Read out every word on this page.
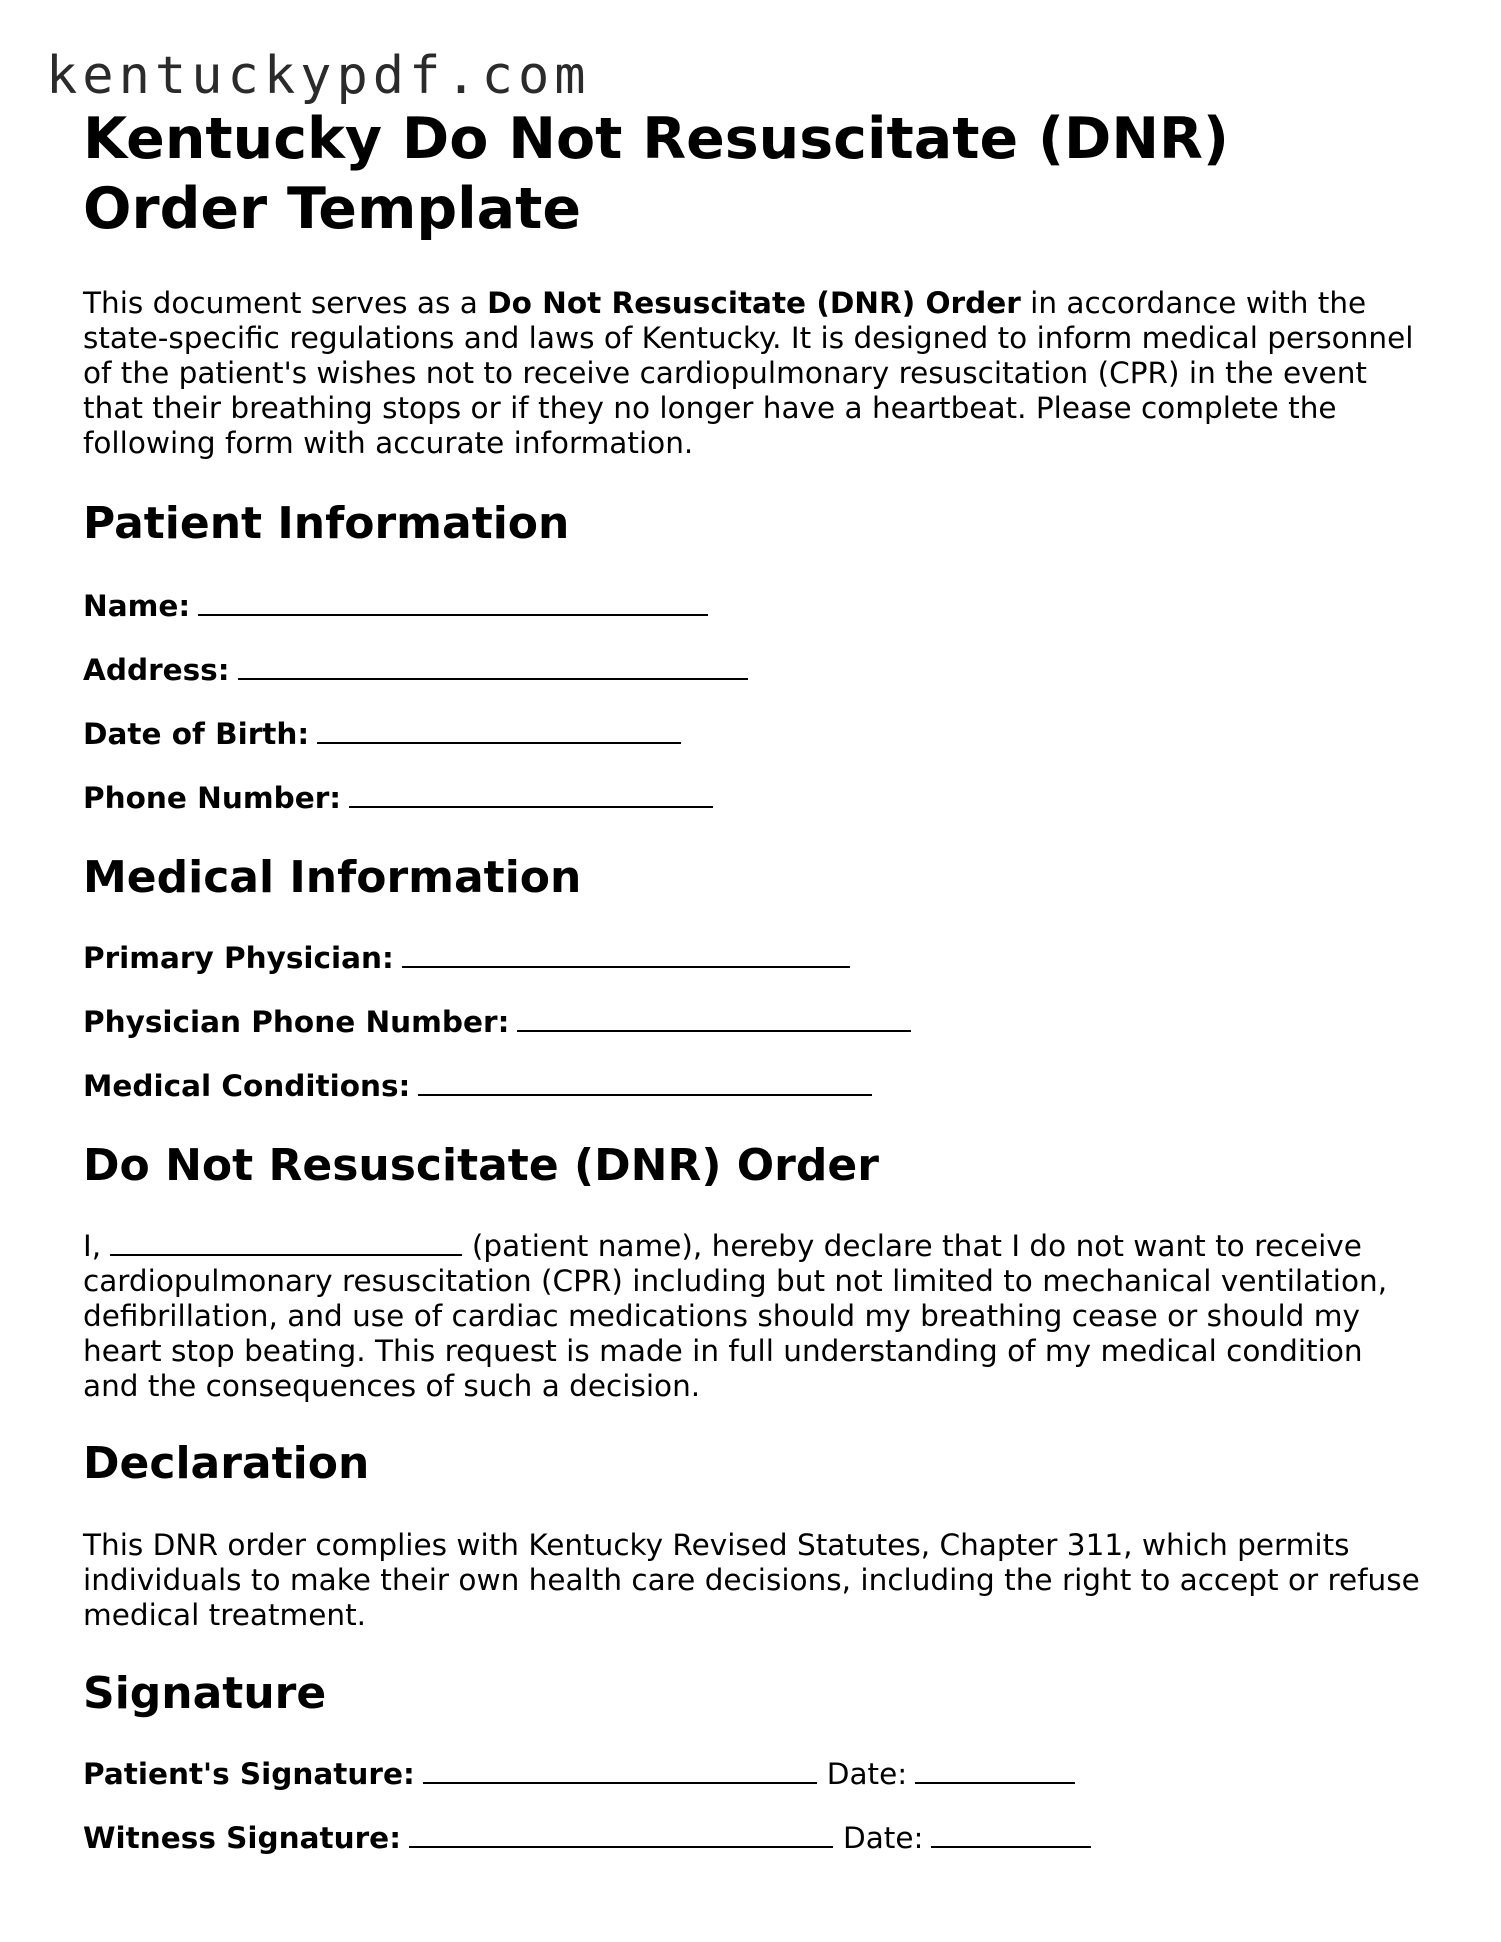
kentuckypdf.com
Kentucky Do Not Resuscitate (DNR) Order Template

This document serves as a Do Not Resuscitate (DNR) Order in accordance with the state-specific regulations and laws of Kentucky. It is designed to inform medical personnel of the patient's wishes not to receive cardiopulmonary resuscitation (CPR) in the event that their breathing stops or if they no longer have a heartbeat. Please complete the following form with accurate information.

Patient Information
Name:
Address:
Date of Birth:
Phone Number:
Medical Information
Primary Physician:
Physician Phone Number:
Medical Conditions:
Do Not Resuscitate (DNR) Order

I,	(patient name), hereby declare that I do not want to receive cardiopulmonary resuscitation (CPR) including but not limited to mechanical ventilation, defibrillation, and use of cardiac medications should my breathing cease or should my heart stop beating. This request is made in full understanding of my medical condition and the consequences of such a decision.

Declaration

This DNR order complies with Kentucky Revised Statutes, Chapter 311, which permits individuals to make their own health care decisions, including the right to accept or refuse medical treatment.

Signature
Patient's Signature:	Date:
Witness Signature:	Date:
